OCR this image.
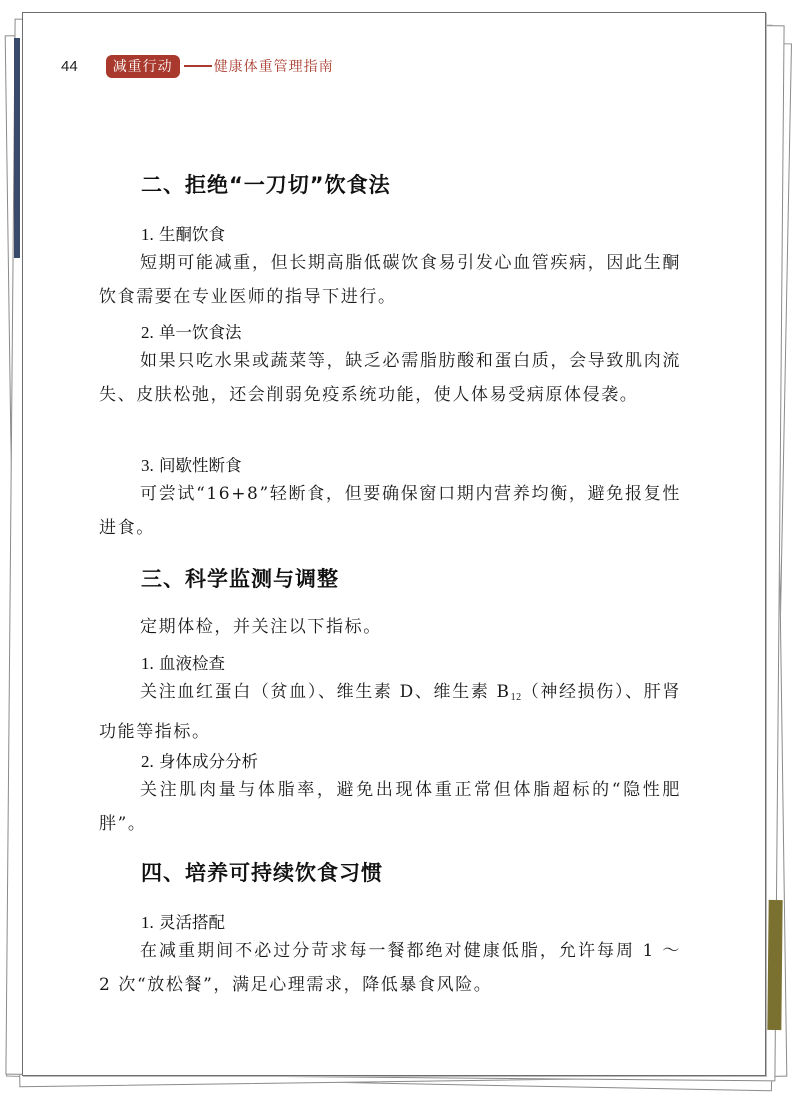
44	减重行动	健康体重管理指南
二、拒绝“一刀切”饮食法
1. 生酮饮食
短期可能减重，但长期高脂低碳饮食易引发心血管疾病，因此生酮饮食需要在专业医师的指导下进行。
2. 单一饮食法
如果只吃水果或蔬菜等，缺乏必需脂肪酸和蛋白质，会导致肌肉流失、皮肤松弛，还会削弱免疫系统功能，使人体易受病原体侵袭。
3. 间歇性断食
可尝试“16+8”轻断食，但要确保窗口期内营养均衡，避免报复性进食。
三、科学监测与调整
定期体检，并关注以下指标。
1. 血液检查
关注血红蛋白（贫血）、维生素 D、维生素 $B_{12}$（神经损伤）、肝肾功能等指标。
2. 身体成分分析
关注肌肉量与体脂率，避免出现体重正常但体脂超标的“隐性肥胖”。
四、培养可持续饮食习惯
1. 灵活搭配
在减重期间不必过分苛求每一餐都绝对健康低脂，允许每周 1 ～ 2 次“放松餐”，满足心理需求，降低暴食风险。
